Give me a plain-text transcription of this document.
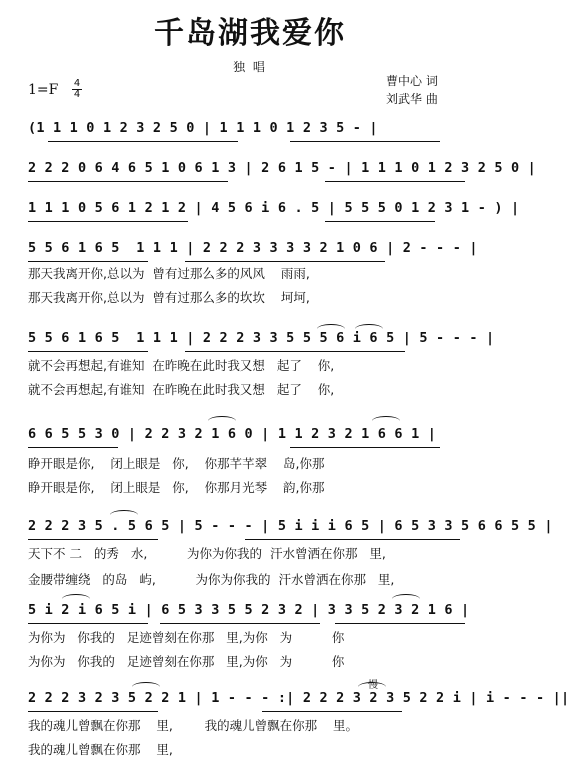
千岛湖我爱你
独 唱
1=F 4
4
曹中心 词
刘武华 曲
(1 1 1 0 1 2 3 2 5 0 | 1 1 1 0 1 2 3 5 - |
2 2 2 0 6 4 6 5 1 0 6 1 3 | 2 6 1 5 - | 1 1 1 0 1 2 3 2 5 0 |
1 1 1 0 5 6 1 2 1 2 | 4 5 6 i 6 . 5 | 5 5 5 0 1 2 3 1 - ) |
5 5 6 1 6 5  1 1 1 | 2 2 2 3 3 3 3 2 1 0 6 | 2 - - - |
那天我离开你,总以为  曾有过那么多的风风    雨雨,
那天我离开你,总以为  曾有过那么多的坎坎    坷坷,
5 5 6 1 6 5  1 1 1 | 2 2 2 3 3 5 5 5 6 i 6 5 | 5 - - - |
就不会再想起,有谁知  在昨晚在此时我又想   起了    你,
就不会再想起,有谁知  在昨晚在此时我又想   起了    你,
6 6 5 5 3 0 | 2 2 3 2 1 6 0 | 1 1 2 3 2 1 6 6 1 |
睁开眼是你,    闭上眼是   你,    你那芊芊翠    岛,你那
睁开眼是你,    闭上眼是   你,    你那月光琴    韵,你那
2 2 2 3 5 . 5 6 5 | 5 - - - | 5 i i i 6 5 | 6 5 3 3 5 6 6 5 5 |
天下不 二   的秀   水,          为你为你我的  汗水曾洒在你那   里,
金腰带缠绕   的岛   屿,          为你为你我的  汗水曾洒在你那   里,
5 i 2 i 6 5 i | 6 5 3 3 5 5 2 3 2 | 3 3 5 2 3 2 1 6 |
为你为   你我的   足迹曾刻在你那   里,为你   为          你
为你为   你我的   足迹曾刻在你那   里,为你   为          你
慢
2 2 2 3 2 3 5 2 2 1 | 1 - - - :| 2 2 2 3 2 3 5 2 2 i | i - - - ||
我的魂儿曾飘在你那    里,        我的魂儿曾飘在你那    里。
我的魂儿曾飘在你那    里,
